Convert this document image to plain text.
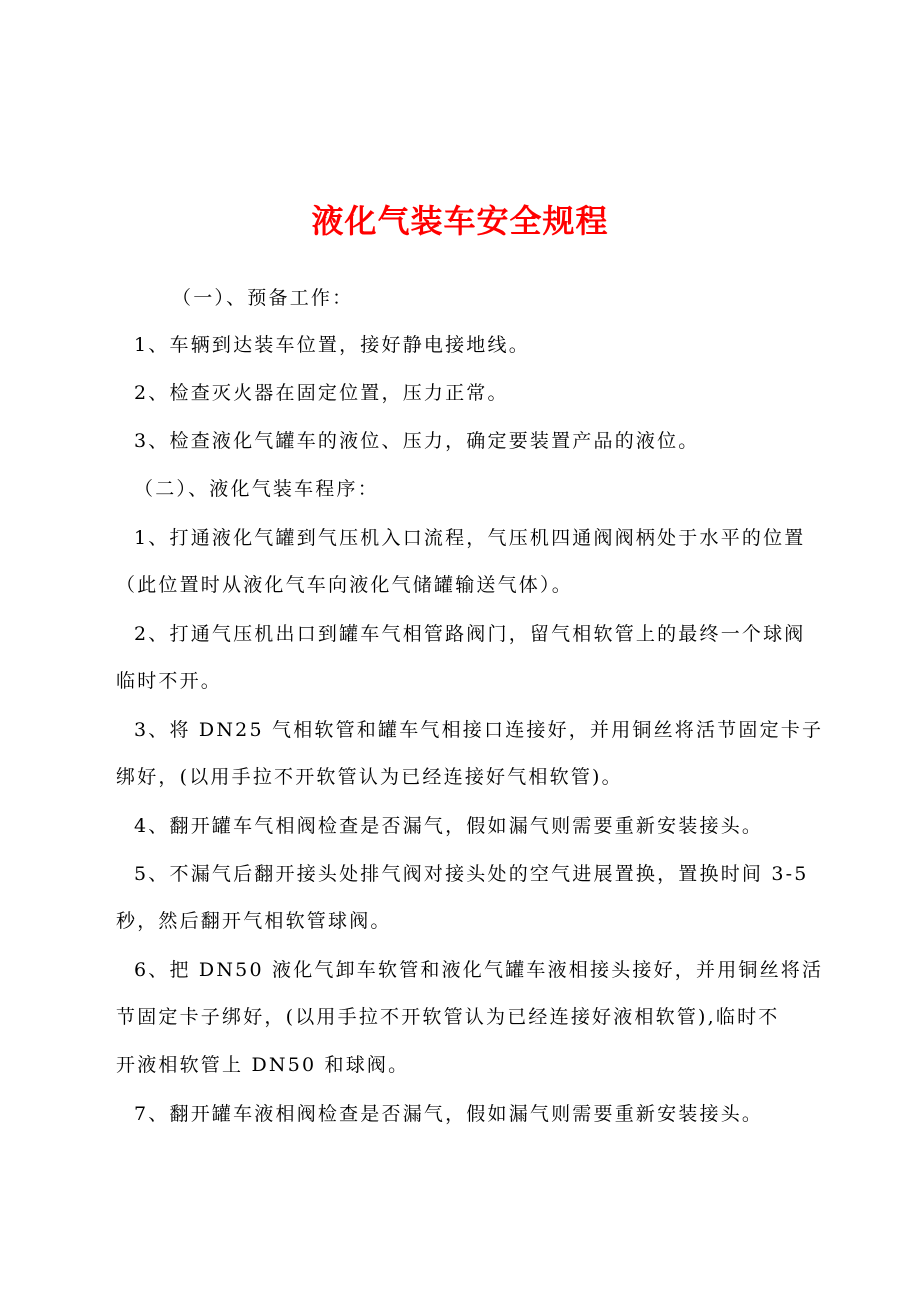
液化气装车安全规程
（一）、预备工作：
1、车辆到达装车位置，接好静电接地线。
2、检查灭火器在固定位置，压力正常。
3、检查液化气罐车的液位、压力，确定要装置产品的液位。
（二）、液化气装车程序：
1、打通液化气罐到气压机入口流程，气压机四通阀阀柄处于水平的位置
（此位置时从液化气车向液化气储罐输送气体）。
2、打通气压机出口到罐车气相管路阀门，留气相软管上的最终一个球阀
临时不开。
3、将 DN25 气相软管和罐车气相接口连接好，并用铜丝将活节固定卡子
绑好，(以用手拉不开软管认为已经连接好气相软管)。
4、翻开罐车气相阀检查是否漏气，假如漏气则需要重新安装接头。
5、不漏气后翻开接头处排气阀对接头处的空气进展置换，置换时间 3-5
秒，然后翻开气相软管球阀。
6、把 DN50 液化气卸车软管和液化气罐车液相接头接好，并用铜丝将活
节固定卡子绑好，(以用手拉不开软管认为已经连接好液相软管),临时不
开液相软管上 DN50 和球阀。
7、翻开罐车液相阀检查是否漏气，假如漏气则需要重新安装接头。
